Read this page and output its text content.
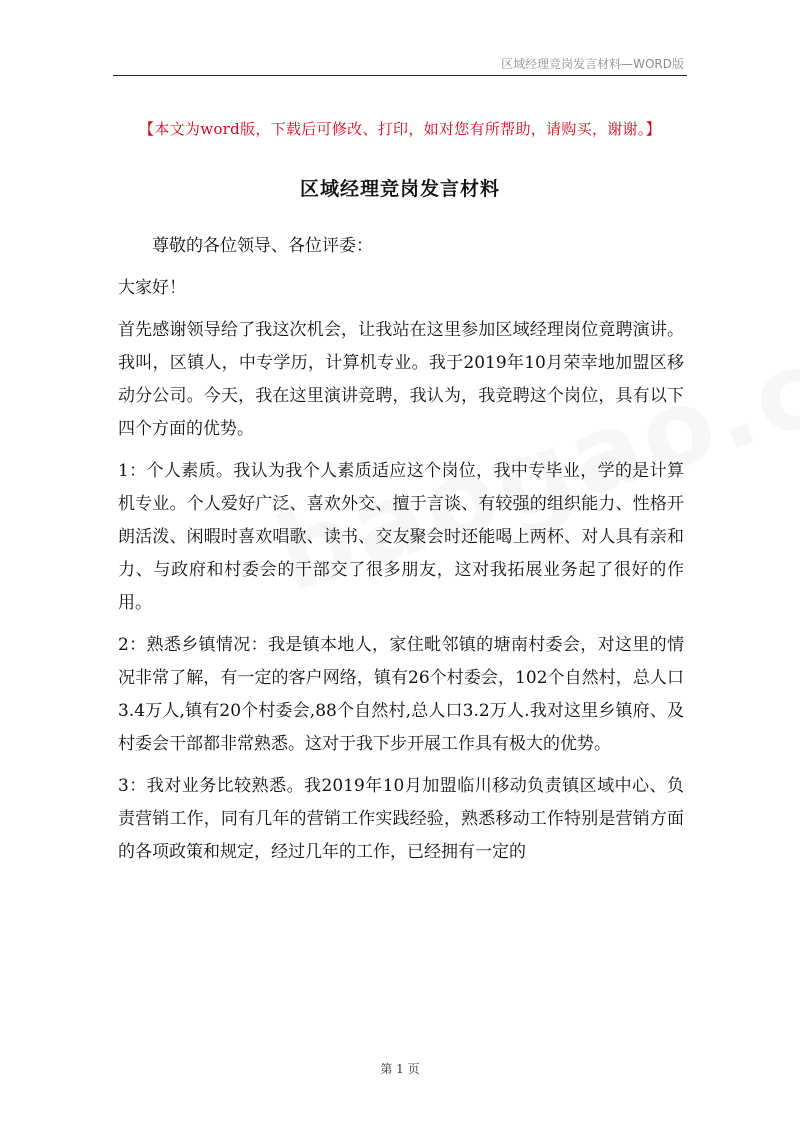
区域经理竞岗发言材料—WORD版
【本文为word版，下载后可修改、打印，如对您有所帮助，请购买，谢谢。】
区域经理竞岗发言材料

尊敬的各位领导、各位评委：

大家好！

首先感谢领导给了我这次机会，让我站在这里参加区域经理岗位竟聘演讲。我叫，区镇人，中专学历，计算机专业。我于2019年10月荣幸地加盟区移动分公司。今天，我在这里演讲竞聘，我认为，我竞聘这个岗位，具有以下四个方面的优势。

1：个人素质。我认为我个人素质适应这个岗位，我中专毕业，学的是计算机专业。个人爱好广泛、喜欢外交、擅于言谈、有较强的组织能力、性格开朗活泼、闲暇时喜欢唱歌、读书、交友聚会时还能喝上两杯、对人具有亲和力、与政府和村委会的干部交了很多朋友，这对我拓展业务起了很好的作用。

2：熟悉乡镇情况：我是镇本地人，家住毗邻镇的塘南村委会，对这里的情况非常了解，有一定的客户网络，镇有26个村委会，102个自然村，总人口3.4万人,镇有20个村委会,88个自然村,总人口3.2万人.我对这里乡镇府、及村委会干部都非常熟悉。这对于我下步开展工作具有极大的优势。

3：我对业务比较熟悉。我2019年10月加盟临川移动负责镇区域中心、负责营销工作，同有几年的营销工作实践经验，熟悉移动工作特别是营销方面的各项政策和规定，经过几年的工作，已经拥有一定的

第 1 页
